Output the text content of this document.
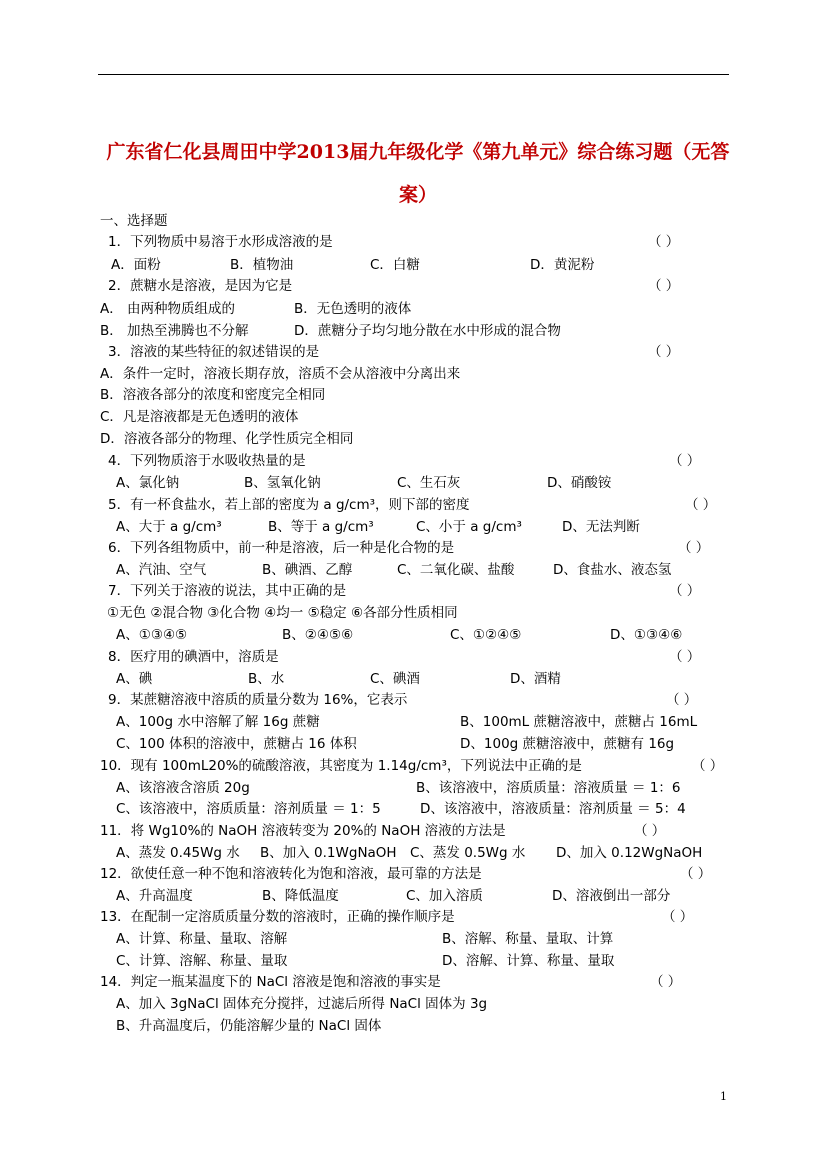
广东省仁化县周田中学2013届九年级化学《第九单元》综合练习题（无答
案）
一、选择题
1．下列物质中易溶于水形成溶液的是	（ ）
A．面粉	B．植物油	C．白糖	D．黄泥粉
2．蔗糖水是溶液，是因为它是	（ ）
A． 由两种物质组成的	B．无色透明的液体
B． 加热至沸腾也不分解	D．蔗糖分子均匀地分散在水中形成的混合物
3．溶液的某些特征的叙述错误的是	（ ）
A．条件一定时，溶液长期存放，溶质不会从溶液中分离出来
B．溶液各部分的浓度和密度完全相同
C．凡是溶液都是无色透明的液体
D．溶液各部分的物理、化学性质完全相同
4．下列物质溶于水吸收热量的是	（ ）
A、氯化钠	B、氢氧化钠	C、生石灰	D、硝酸铵
5．有一杯食盐水，若上部的密度为 a g/cm³，则下部的密度	（ ）
A、大于 a g/cm³	B、等于 a g/cm³	C、小于 a g/cm³	D、无法判断
6．下列各组物质中，前一种是溶液，后一种是化合物的是	（ ）
A、汽油、空气	B、碘酒、乙醇	C、二氧化碳、盐酸	D、食盐水、液态氢
7．下列关于溶液的说法，其中正确的是	（ ）
①无色 ②混合物 ③化合物 ④均一 ⑤稳定 ⑥各部分性质相同
A、①③④⑤	B、②④⑤⑥	C、①②④⑤	D、①③④⑥
8．医疗用的碘酒中，溶质是	（ ）
A、碘	B、水	C、碘酒	D、酒精
9．某蔗糖溶液中溶质的质量分数为 16%，它表示	（ ）
A、100g 水中溶解了解 16g 蔗糖	B、100mL 蔗糖溶液中，蔗糖占 16mL
C、100 体积的溶液中，蔗糖占 16 体积	D、100g 蔗糖溶液中，蔗糖有 16g
10．现有 100mL20%的硫酸溶液，其密度为 1.14g/cm³，下列说法中正确的是	（ ）
A、该溶液含溶质 20g	B、该溶液中，溶质质量：溶液质量 ＝ 1：6
C、该溶液中，溶质质量：溶剂质量 ＝ 1：5	D、该溶液中，溶液质量：溶剂质量 ＝ 5：4
11．将 Wg10%的 NaOH 溶液转变为 20%的 NaOH 溶液的方法是	（ ）
A、蒸发 0.45Wg 水 B、加入 0.1WgNaOH C、蒸发 0.5Wg 水 D、加入 0.12WgNaOH
12．欲使任意一种不饱和溶液转化为饱和溶液，最可靠的方法是	（ ）
A、升高温度	B、降低温度	C、加入溶质	D、溶液倒出一部分
13．在配制一定溶质质量分数的溶液时，正确的操作顺序是	（ ）
A、计算、称量、量取、溶解	B、溶解、称量、量取、计算
C、计算、溶解、称量、量取	D、溶解、计算、称量、量取
14．判定一瓶某温度下的 NaCl 溶液是饱和溶液的事实是	（ ）
A、加入 3gNaCl 固体充分搅拌，过滤后所得 NaCl 固体为 3g
B、升高温度后，仍能溶解少量的 NaCl 固体
1
